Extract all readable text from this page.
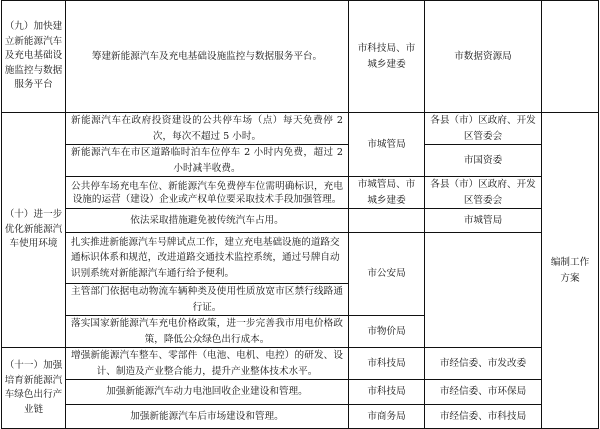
（九）加快建立新能源汽车及充电基础设施监控与数据服务平台	筹建新能源汽车及充电基础设施监控与数据服务平台。	市科技局、市城乡建委	市数据资源局	
（十）进一步优化新能源汽车使用环境	新能源汽车在政府投资建设的公共停车场（点）每天免费停 2 次，每次不超过 5 小时。	市城管局	各县（市）区政府、开发区管委会	编制工作方案
	新能源汽车在市区道路临时泊车位停车 2 小时内免费，超过 2 小时减半收费。		市国资委	
	公共停车场充电车位、新能源汽车免费停车位需明确标识，充电设施的运营（建设）企业或产权单位要采取技术手段加强管理。	市城管局、市城乡建委	各县（市）区政府、开发区管委会	
	依法采取措施避免被传统汽车占用。		市城管局	
	扎实推进新能源汽车号牌试点工作，建立充电基础设施的道路交通标识体系和规范，改进道路交通技术监控系统，通过号牌自动识别系统对新能源汽车通行给予便利。	市公安局		
	主管部门依据电动物流车辆种类及使用性质放宽市区禁行线路通行证。			
	落实国家新能源汽车充电价格政策，进一步完善我市用电价格政策，降低公众绿色出行成本。	市物价局		
（十一）加强培育新能源汽车绿色出行产业链	增强新能源汽车整车、零部件（电池、电机、电控）的研发、设计、制造及产业整合能力，提升产业整体技术水平。	市科技局	市经信委、市发改委	
	加强新能源汽车动力电池回收企业建设和管理。	市科技局	市经信委、市环保局	
	加强新能源汽车后市场建设和管理。	市商务局	市经信委、市科技局	
